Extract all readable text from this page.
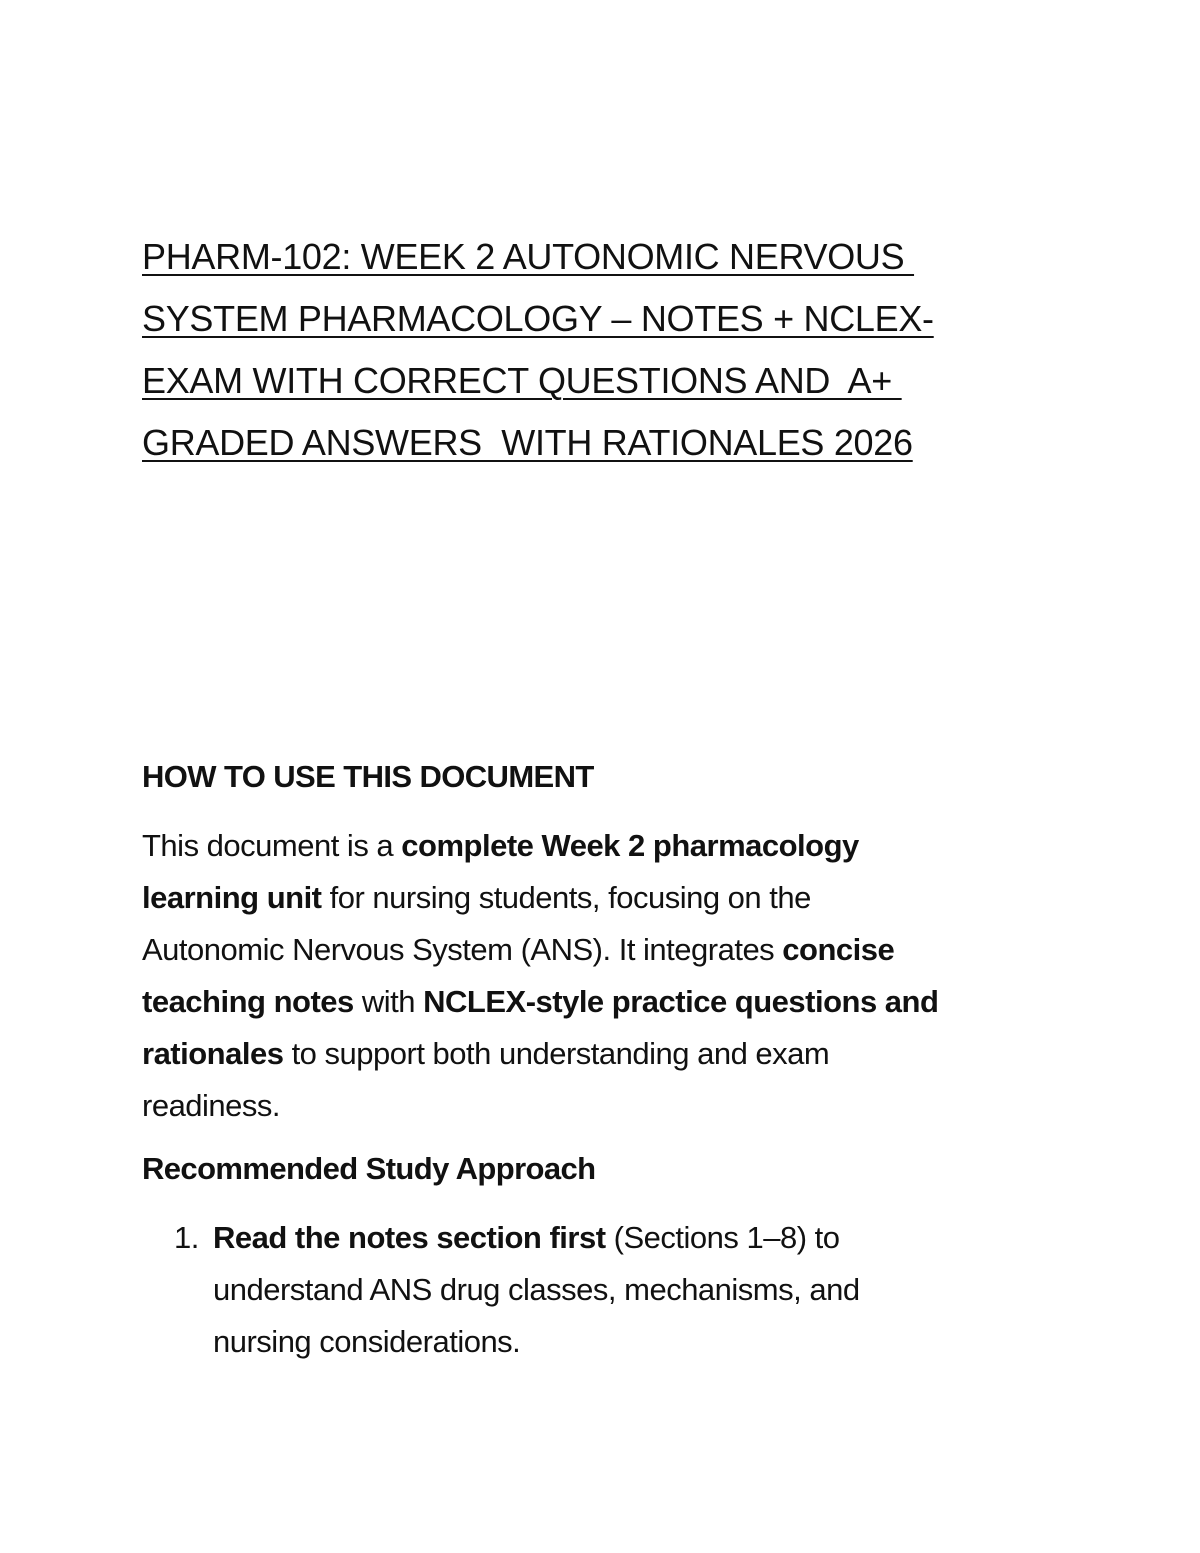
PHARM-102: WEEK 2 AUTONOMIC NERVOUS
SYSTEM PHARMACOLOGY – NOTES + NCLEX-
EXAM WITH CORRECT QUESTIONS AND  A+
GRADED ANSWERS  WITH RATIONALES 2026
HOW TO USE THIS DOCUMENT

This document is a complete Week 2 pharmacology
learning unit for nursing students, focusing on the
Autonomic Nervous System (ANS). It integrates concise
teaching notes with NCLEX-style practice questions and
rationales to support both understanding and exam
readiness.

Recommended Study Approach
1. Read the notes section first (Sections 1–8) to
understand ANS drug classes, mechanisms, and
nursing considerations.
